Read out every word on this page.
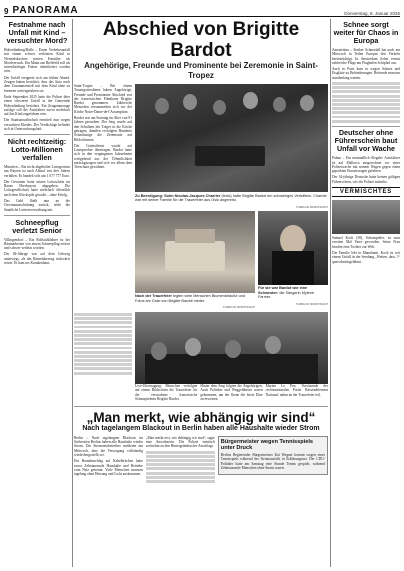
9 PANORAMA	Donnerstag, 8. Januar 2026
Festnahme nach Unfall mit Kind – versuchter Mord?

Hohenlimburg/Halle – Einen Verkehrsunfall mit einem schwer verletzten Kind in Wermelskirchen werten Ermittler als Mordversuch. Ein Mann aus Bielefeld soll als tatverdächtiger Fahrer identifiziert worden sein.

Der Unfall ereignete sich am frühen Abend. Zeugen hatten berichtet, dass das Auto nach dem Zusammenstoß mit dem Kind ohne zu bremsen weitergefahren sei.

Ende September 2025 hatte die Polizei über einen schweren Unfall in der Gemeinde Hohenlimburg berichtet. Ein Zeugenaussage zufolge soll der Autofahrer zuvor mehrfach auf das Kind zugefahren sein.

Die Staatsanwaltschaft ermittelt nun wegen versuchten Mordes. Der Verdächtige befindet sich in Untersuchungshaft.

Nicht rechtzeitig: Lotto-Millionen verfallen

München – Ein nicht abgeholter Lottogewinn aus Bayern ist nach Ablauf von drei Jahren verfallen. Es handelt sich um 1 077 777 Euro.

Der Gewinner hatte seinen Lottoschein im Raum Oberbayern abgegeben. Die Lottogesellschaft hatte mehrfach öffentlich nach dem Glückspilz gesucht – ohne Erfolg.

Das Geld fließt nun an die Gewinnausschüttung zurück, teilte die Staatliche Lotterieverwaltung mit.

Schneepflug verletzt Senior

Villingendorf – Ein Rollstuhlfahrer ist bei Räumarbeiten von einem Schneepflug erfasst und schwer verletzt worden.

Der 84-Jährige war auf dem Gehweg unterwegs, als das Räumfahrzeug rückwärts setzte. Er kam ins Krankenhaus.

Abschied von Brigitte Bardot
Angehörige, Freunde und Prominente bei Zeremonie in Saint-Tropez

Saint-Tropez – Bei einem Trauergottesdienst haben Angehörige, Freunde und Prominente Abschied von der französischen Filmikone Brigitte Bardot genommen. Zahlreiche Menschen versammelten sich vor der Kirche Notre-Dame-de-l'Assomption.

Bardot war am Sonntag im Alter von 91 Jahren gestorben. Der Sarg wurde auf den Schultern der Träger in die Kirche getragen, draußen verfolgten Hunderte Schaulustige die Zeremonie auf Bildschirmen.

Die Gottesdienst wurde auf Lautsprecher übertragen. Bardot hatte sich in den vergangenen Jahrzehnten weitgehend aus der Öffentlichkeit zurückgezogen und sich vor allem dem Tierschutz gewidmet.

Zu Beerdigung: Sohn Nicolas-Jacques Charrier (links) hatte Brigitte Bardot ein schwieriges Verhältnis. Charrier war mit seiner Familie für die Trauerfeier aus Oslo angereist.
THIBAUD MORITZ/AFP
Nach der Trauerfeier legten viele Menschen Blumensträuße und Fotos am Grab von Brigitte Bardot nieder.
THIBAUD MORITZ/AFP
Für sie war Bardot wie eine Schwester: die Sängerin Mylène Farmer.
THIBAUD MORITZ/AFP

Live-Übertragung: Menschen verfolgen auf einem Bildschirm die Trauerfeier für die verstorbene französische Schauspielerin Brigitte Bardot.

Hinter dem Sarg folgten die Angehörigen. Auch Politiker und Weggefährten waren gekommen, um der Ikone die letzte Ehre zu erweisen.

Marine Le Pen, Vorsitzende der rechtsnationalen Partei Rassemblement National, nahm an der Trauerfeier teil.

„Man merkt, wie abhängig wir sind“
Nach tagelangem Blackout in Berlin haben alle Haushalte wieder Strom

Berlin – Nach tagelangem Blackout im Südwesten Berlins haben alle Haushalte wieder Strom. Die Stromnetzbetreiber meldeten am Mittwoch, dass die Versorgung vollständig wiederhergestellt sei.

Ein Brandanschlag auf Kabelbrücken hatte zuvor Zehntausende Haushalte und Betriebe vom Netz getrennt. Viele Menschen mussten tagelang ohne Heizung und Licht auskommen.

„Man merkt erst, wie abhängig wir sind“, sagte eine Anwohnerin. Die Polizei ermittelt weiterhin zu den Hintergründen des Anschlags.

Bürgermeister wegen Tennisspiels unter Druck

Berlins Regierender Bürgermeister Kai Wegner kommt wegen eines Tennisspiels während des Stromausfalls in Erklärungsnot. Der CDU-Politiker hatte am Samstag eine Stunde Tennis gespielt, während Zehntausende Menschen ohne Strom waren.

Schnee sorgt weiter für Chaos in Europa

Amsterdam – Starker Schneefall hat auch am Mittwoch in Teilen Europas den Verkehr beeinträchtigt. In Amsterdam fielen erneut zahlreiche Flüge am Flughafen Schiphol aus.

Auch in Paris kam es wegen Schnee und Eisglätte zu Behinderungen. Reisende mussten stundenlang warten.

Deutscher ohne Führerschein baut Unfall vor Wache

Palma – Ein mutmaßlich illegaler Autofahrer ist auf Mallorca ausgerechnet vor einer Polizeiwache mit seinem Wagen gegen einen geparkten Einsatzwagen gefahren.

Der 34-jährige Deutsche hatte keinen gültigen Führerschein, wie die Polizei mitteilte.

VERMISCHTES

Samuel Koch (38), Schauspieler, ist zum zweiten Mal Vater geworden. Seine Frau brachte eine Tochter zur Welt.

Die Familie lebt in Mannheim. Koch ist seit einem Unfall in der Sendung „Wetten, dass..?“ querschnittsgelähmt.
